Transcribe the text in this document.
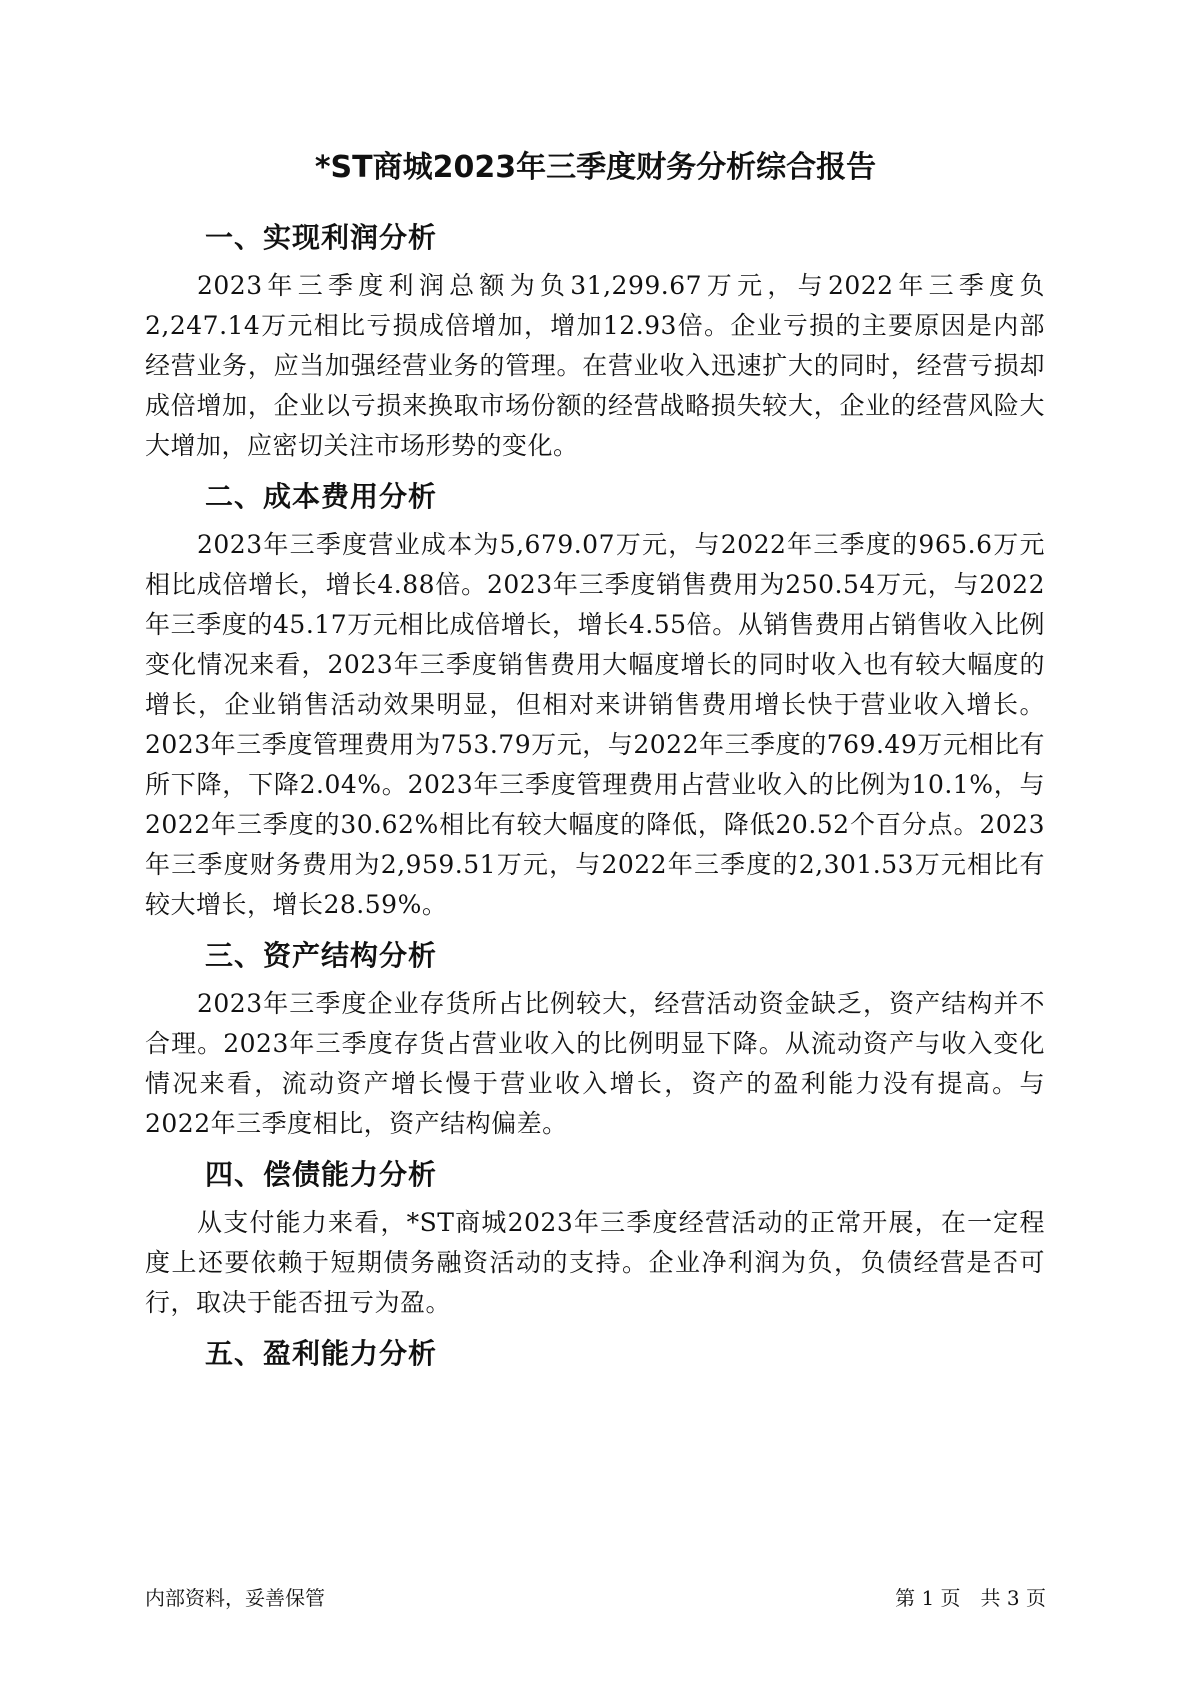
*ST商城2023年三季度财务分析综合报告
一、实现利润分析

2023年三季度利润总额为负31,299.67万元，与2022年三季度负2,247.14万元相比亏损成倍增加，增加12.93倍。企业亏损的主要原因是内部经营业务，应当加强经营业务的管理。在营业收入迅速扩大的同时，经营亏损却成倍增加，企业以亏损来换取市场份额的经营战略损失较大，企业的经营风险大大增加，应密切关注市场形势的变化。

二、成本费用分析

2023年三季度营业成本为5,679.07万元，与2022年三季度的965.6万元相比成倍增长，增长4.88倍。2023年三季度销售费用为250.54万元，与2022年三季度的45.17万元相比成倍增长，增长4.55倍。从销售费用占销售收入比例变化情况来看，2023年三季度销售费用大幅度增长的同时收入也有较大幅度的增长，企业销售活动效果明显，但相对来讲销售费用增长快于营业收入增长。2023年三季度管理费用为753.79万元，与2022年三季度的769.49万元相比有所下降，下降2.04%。2023年三季度管理费用占营业收入的比例为10.1%，与2022年三季度的30.62%相比有较大幅度的降低，降低20.52个百分点。2023年三季度财务费用为2,959.51万元，与2022年三季度的2,301.53万元相比有较大增长，增长28.59%。

三、资产结构分析

2023年三季度企业存货所占比例较大，经营活动资金缺乏，资产结构并不合理。2023年三季度存货占营业收入的比例明显下降。从流动资产与收入变化情况来看，流动资产增长慢于营业收入增长，资产的盈利能力没有提高。与2022年三季度相比，资产结构偏差。

四、偿债能力分析

从支付能力来看，*ST商城2023年三季度经营活动的正常开展，在一定程度上还要依赖于短期债务融资活动的支持。企业净利润为负，负债经营是否可行，取决于能否扭亏为盈。

五、盈利能力分析
内部资料，妥善保管	第 1 页　共 3 页
